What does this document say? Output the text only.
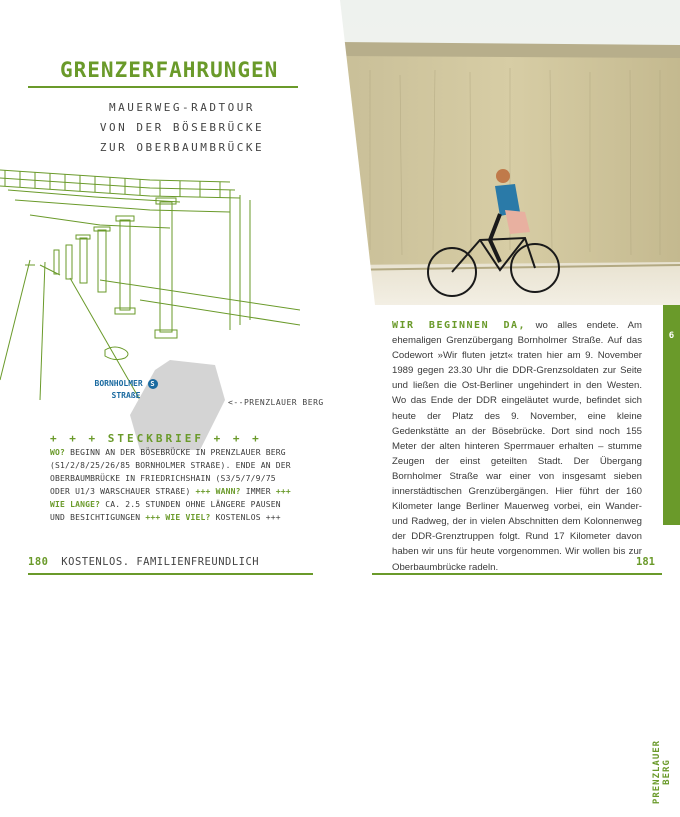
GRENZERFAHRUNGEN
MAUERWEG-RADTOUR
VON DER BÖSEBRÜCKE
ZUR OBERBAUMBRÜCKE
BORNHOLMER S
STRAßE
<--PRENZLAUER BERG
+ + + STECKBRIEF + + +
WO? BEGINN AN DER BÖSEBRÜCKE IN PRENZLAUER BERG (S1/2/8/25/26/85 BORNHOLMER STRAßE). ENDE AN DER OBERBAUMBRÜCKE IN FRIEDRICHSHAIN (S3/5/7/9/75 ODER U1/3 WARSCHAUER STRAßE) +++ WANN? IMMER +++ WIE LANGE? CA. 2.5 STUNDEN OHNE LÄNGERE PAUSEN UND BESICHTIGUNGEN +++ WIE VIEL? KOSTENLOS +++
180 KOSTENLOS. FAMILIENFREUNDLICH
WIR BEGINNEN DA, wo alles endete. Am ehemaligen Grenzübergang Bornholmer Straße. Auf das Codewort »Wir fluten jetzt« traten hier am 9. November 1989 gegen 23.30 Uhr die DDR-Grenzsoldaten zur Seite und ließen die Ost-Berliner ungehindert in den Westen. Wo das Ende der DDR eingeläutet wurde, befindet sich heute der Platz des 9. November, eine kleine Gedenkstätte an der Bösebrücke. Dort sind noch 155 Meter der alten hinteren Sperrmauer erhalten – stumme Zeugen der einst geteilten Stadt. Der Übergang Bornholmer Straße war einer von insgesamt sieben innerstädtischen Grenzübergängen. Hier führt der 160 Kilometer lange Berliner Mauerweg vorbei, ein Wander- und Radweg, der in vielen Abschnitten dem Kolonnenweg der DDR-Grenztruppen folgt. Rund 17 Kilometer davon haben wir uns für heute vorgenommen. Wir wollen bis zur Oberbaumbrücke radeln.
6
PRENZLAUER BERG
181
